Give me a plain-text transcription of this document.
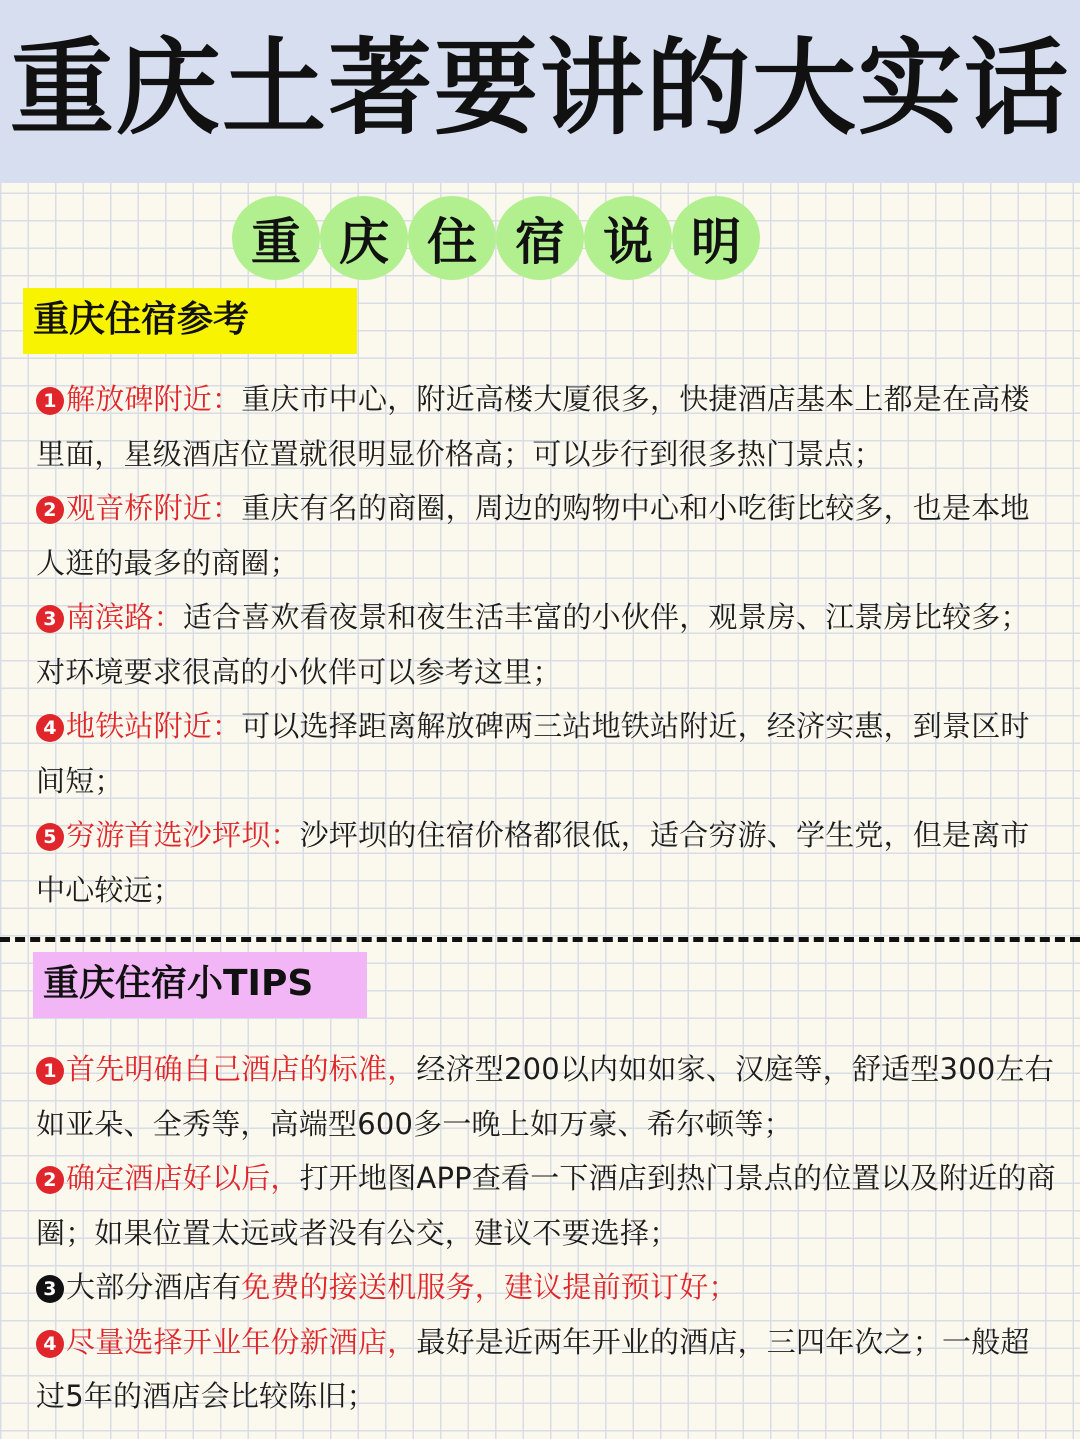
重庆土著要讲的大实话
重 庆 住 宿 说 明
重庆住宿参考

1 解放碑附近：重庆市中心，附近高楼大厦很多，快捷酒店基本上都是在高楼里面，星级酒店位置就很明显价格高；可以步行到很多热门景点；

2 观音桥附近：重庆有名的商圈，周边的购物中心和小吃街比较多，也是本地人逛的最多的商圈；

3 南滨路：适合喜欢看夜景和夜生活丰富的小伙伴，观景房、江景房比较多；对环境要求很高的小伙伴可以参考这里；

4 地铁站附近：可以选择距离解放碑两三站地铁站附近，经济实惠，到景区时间短；

5 穷游首选沙坪坝：沙坪坝的住宿价格都很低，适合穷游、学生党，但是离市中心较远；

重庆住宿小TIPS

1 首先明确自己酒店的标准，经济型200以内如如家、汉庭等，舒适型300左右如亚朵、全秀等，高端型600多一晚上如万豪、希尔顿等；

2 确定酒店好以后，打开地图APP查看一下酒店到热门景点的位置以及附近的商圈；如果位置太远或者没有公交，建议不要选择；

3 大部分酒店有免费的接送机服务，建议提前预订好；

4 尽量选择开业年份新酒店，最好是近两年开业的酒店，三四年次之；一般超过5年的酒店会比较陈旧；
